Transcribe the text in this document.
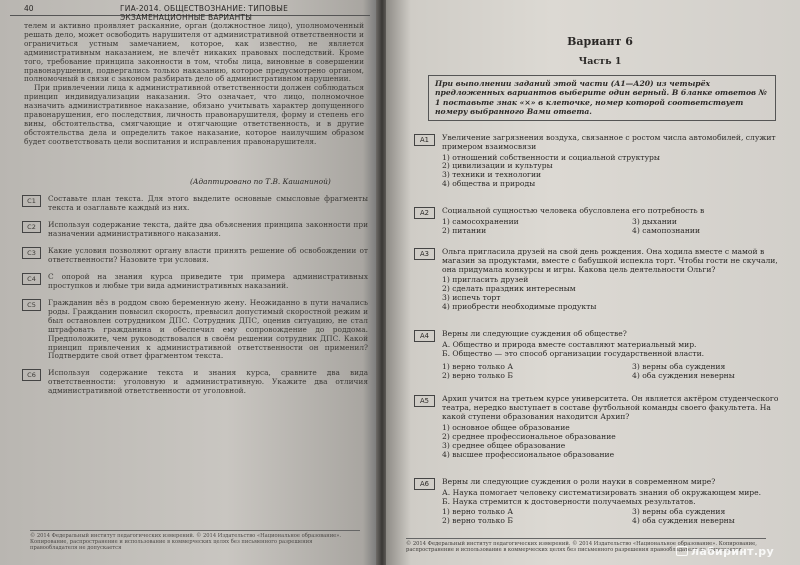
40	ГИА-2014. ОБЩЕСТВОЗНАНИЕ: ТИПОВЫЕ ЭКЗАМЕНАЦИОННЫЕ ВАРИАНТЫ

телем и активно проявляет раскаяние, орган (должностное лицо), уполномоченный решать дело, может освободить нарушителя от административной ответственности и ограничиться устным замечанием, которое, как известно, не является административным наказанием, не влечёт никаких правовых последствий. Кроме того, требование принципа законности в том, чтобы лица, виновные в совершении правонарушения, подвергались только наказанию, которое предусмотрено органом, полномочный в связи с законом разбирать дело об административном нарушении.

При привлечении лица к административной ответственности должен соблюдаться принцип индивидуализации наказания. Это означает, что лицо, полномочное назначить административное наказание, обязано учитывать характер допущенного правонарушения, его последствия, личность правонарушителя, форму и степень его вины, обстоятельства, смягчающие и отягчающие ответственность, и в другие обстоятельства дела и определить такое наказание, которое наилучшим образом будет соответствовать цели воспитания и исправления правонарушителя.

(Адаптировано по Т.В. Кашаниной)
C1	Составьте план текста. Для этого выделите основные смысловые фрагменты текста и озаглавьте каждый из них.
C2	Используя содержание текста, дайте два объяснения принципа законности при назначении административного наказания.
C3	Какие условия позволяют органу власти принять решение об освобождении от ответственности? Назовите три условия.
C4	С опорой на знания курса приведите три примера административных проступков и любые три вида административных наказаний.
C5	Гражданин вёз в роддом свою беременную жену. Неожиданно в пути начались роды. Гражданин повысил скорость, превысил допустимый скоростной режим и был остановлен сотрудником ДПС. Сотрудник ДПС, оценив ситуацию, не стал штрафовать гражданина и обеспечил ему сопровождение до роддома. Предположите, чем руководствовался в своём решении сотрудник ДПС. Какой принцип привлечения к административной ответственности он применил? Подтвердите свой ответ фрагментом текста.
C6	Используя содержание текста и знания курса, сравните два вида ответственности: уголовную и административную. Укажите два отличия административной ответственности от уголовной.
© 2014 Федеральный институт педагогических измерений. © 2014 Издательство «Национальное образование». Копирование, распространение и использование в коммерческих целях без письменного разрешения правообладателя не допускается
Вариант 6
Часть 1
При выполнении заданий этой части (А1—А20) из четырёх предложенных вариантов выберите один верный. В бланке ответов № 1 поставьте знак «×» в клеточке, номер которой соответствует номеру выбранного Вами ответа.
A1	Увеличение загрязнения воздуха, связанное с ростом числа автомобилей, служит примером взаимосвязи

1) отношений собственности и социальной структуры
2) цивилизации и культуры
3) техники и технологии
4) общества и природы
A2	Социальной сущностью человека обусловлена его потребность в

1) самосохранении	3) дыхании
2) питании	4) самопознании
A3	Ольга пригласила друзей на свой день рождения. Она ходила вместе с мамой в магазин за продуктами, вместе с бабушкой испекла торт. Чтобы гости не скучали, она придумала конкурсы и игры. Какова цель деятельности Ольги?

1) пригласить друзей
2) сделать праздник интересным
3) испечь торт
4) приобрести необходимые продукты
A4	Верны ли следующие суждения об обществе?

А. Общество и природа вместе составляют материальный мир.
Б. Общество — это способ организации государственной власти.
1) верно только А	3) верны оба суждения
2) верно только Б	4) оба суждения неверны
A5	Архип учится на третьем курсе университета. Он является актёром студенческого театра, нередко выступает в составе футбольной команды своего факультета. На какой ступени образования находится Архип?

1) основное общее образование
2) среднее профессиональное образование
3) среднее общее образование
4) высшее профессиональное образование
A6	Верны ли следующие суждения о роли науки в современном мире?

А. Наука помогает человеку систематизировать знания об окружающем мире.
Б. Наука стремится к достоверности получаемых результатов.
1) верно только А	3) верны оба суждения
2) верно только Б	4) оба суждения неверны
© 2014 Федеральный институт педагогических измерений. © 2014 Издательство «Национальное образование». Копирование, распространение и использование в коммерческих целях без письменного разрешения правообладателя не допускается
лабиринт.ру
